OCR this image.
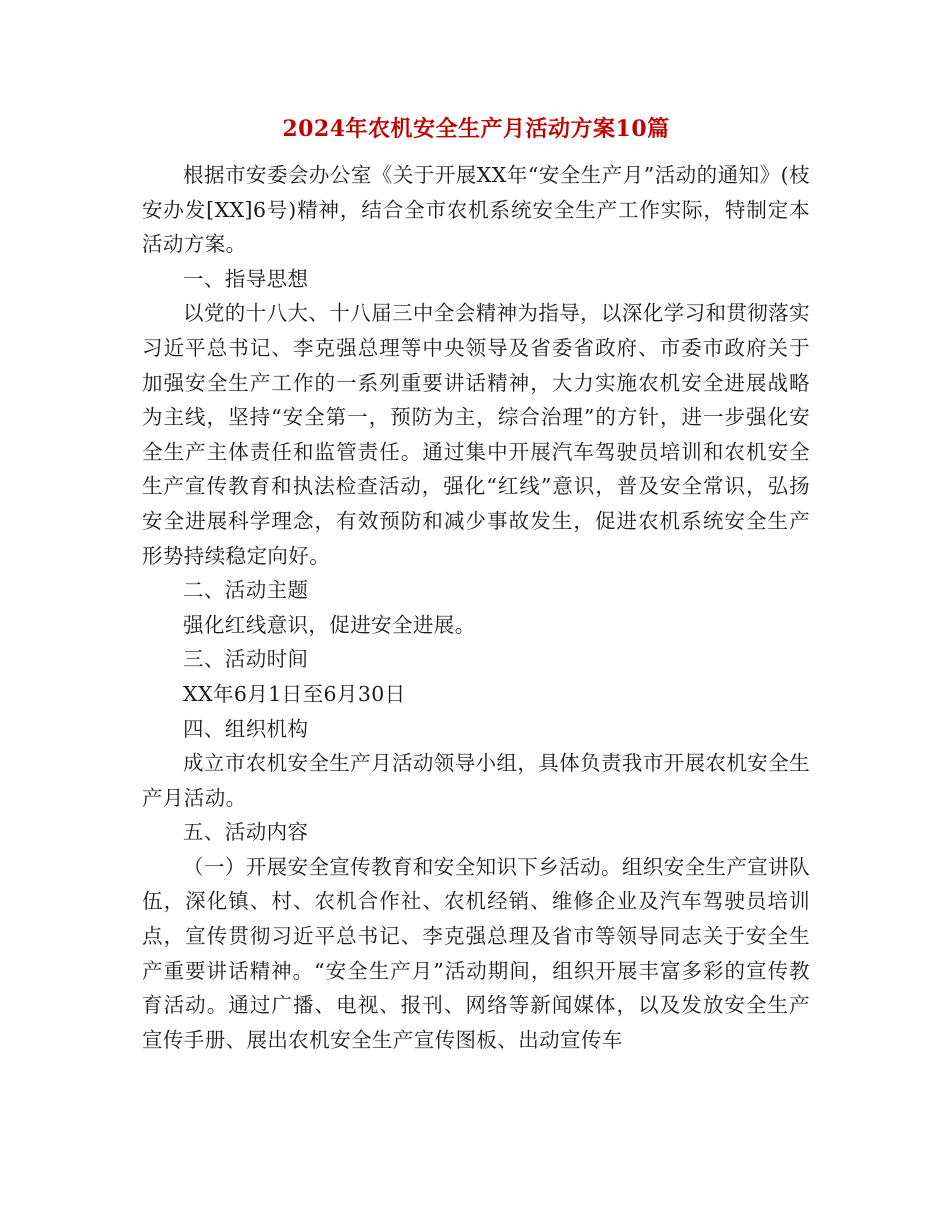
2024年农机安全生产月活动方案10篇

根据市安委会办公室《关于开展XX年“安全生产月”活动的通知》(枝安办发[XX]6号)精神，结合全市农机系统安全生产工作实际，特制定本活动方案。

一、指导思想

以党的十八大、十八届三中全会精神为指导，以深化学习和贯彻落实习近平总书记、李克强总理等中央领导及省委省政府、市委市政府关于加强安全生产工作的一系列重要讲话精神，大力实施农机安全进展战略为主线，坚持“安全第一，预防为主，综合治理”的方针，进一步强化安全生产主体责任和监管责任。通过集中开展汽车驾驶员培训和农机安全生产宣传教育和执法检查活动，强化“红线”意识，普及安全常识，弘扬安全进展科学理念，有效预防和减少事故发生，促进农机系统安全生产形势持续稳定向好。

二、活动主题

强化红线意识，促进安全进展。

三、活动时间

XX年6月1日至6月30日

四、组织机构

成立市农机安全生产月活动领导小组，具体负责我市开展农机安全生产月活动。

五、活动内容

（一）开展安全宣传教育和安全知识下乡活动。组织安全生产宣讲队伍，深化镇、村、农机合作社、农机经销、维修企业及汽车驾驶员培训点，宣传贯彻习近平总书记、李克强总理及省市等领导同志关于安全生产重要讲话精神。“安全生产月”活动期间，组织开展丰富多彩的宣传教育活动。通过广播、电视、报刊、网络等新闻媒体，以及发放安全生产宣传手册、展出农机安全生产宣传图板、出动宣传车
